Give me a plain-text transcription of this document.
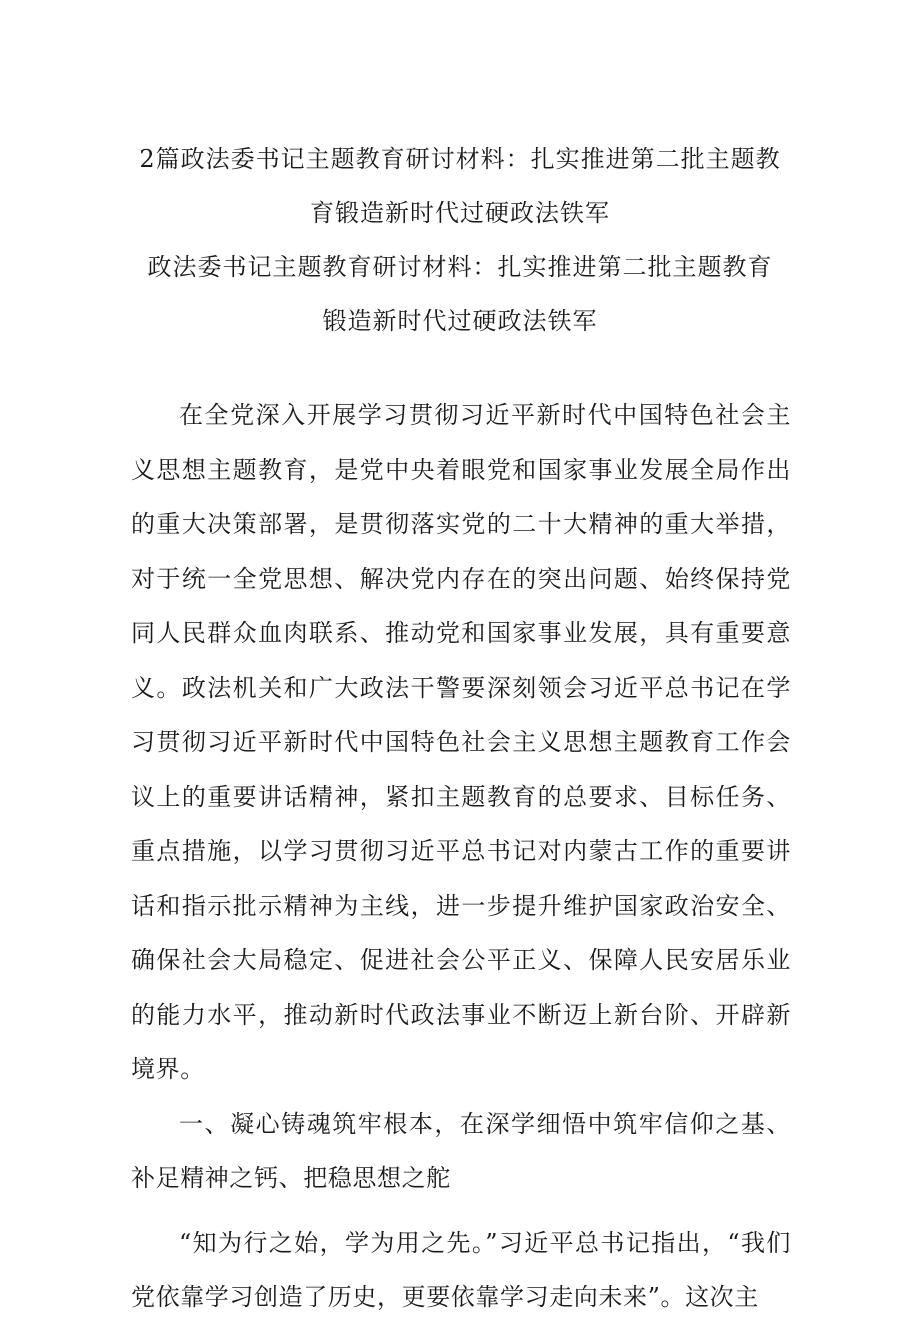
2篇政法委书记主题教育研讨材料：扎实推进第二批主题教
育锻造新时代过硬政法铁军
政法委书记主题教育研讨材料：扎实推进第二批主题教育
锻造新时代过硬政法铁军

在全党深入开展学习贯彻习近平新时代中国特色社会主义思想主题教育，是党中央着眼党和国家事业发展全局作出的重大决策部署，是贯彻落实党的二十大精神的重大举措，对于统一全党思想、解决党内存在的突出问题、始终保持党同人民群众血肉联系、推动党和国家事业发展，具有重要意义。政法机关和广大政法干警要深刻领会习近平总书记在学习贯彻习近平新时代中国特色社会主义思想主题教育工作会议上的重要讲话精神，紧扣主题教育的总要求、目标任务、重点措施，以学习贯彻习近平总书记对内蒙古工作的重要讲话和指示批示精神为主线，进一步提升维护国家政治安全、确保社会大局稳定、促进社会公平正义、保障人民安居乐业的能力水平，推动新时代政法事业不断迈上新台阶、开辟新境界。

一、凝心铸魂筑牢根本，在深学细悟中筑牢信仰之基、补足精神之钙、把稳思想之舵

“知为行之始，学为用之先。”习近平总书记指出，“我们党依靠学习创造了历史，更要依靠学习走向未来”。这次主
